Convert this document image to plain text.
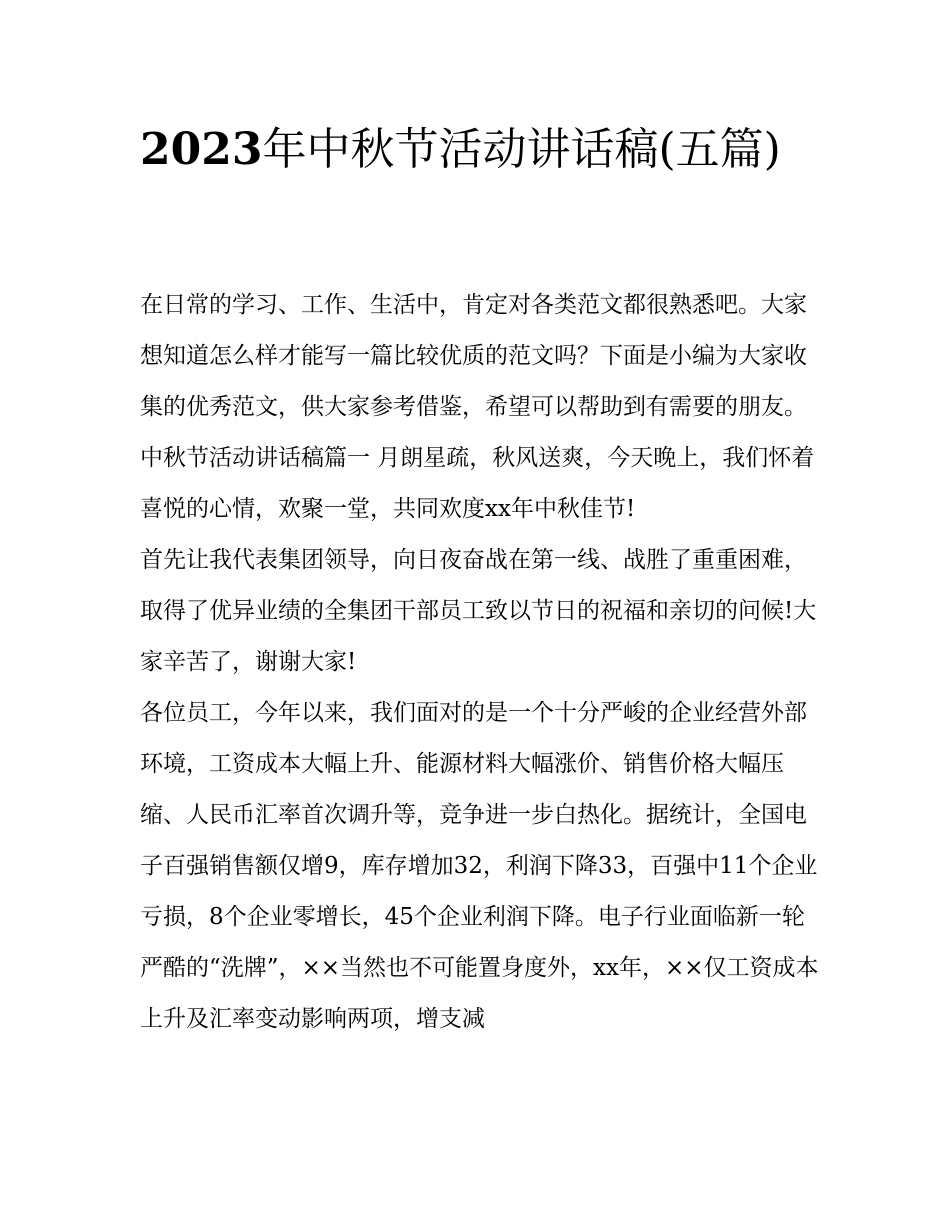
2023年中秋节活动讲话稿(五篇)

在日常的学习、工作、生活中，肯定对各类范文都很熟悉吧。大家想知道怎么样才能写一篇比较优质的范文吗？下面是小编为大家收集的优秀范文，供大家参考借鉴，希望可以帮助到有需要的朋友。

中秋节活动讲话稿篇一 月朗星疏，秋风送爽，今天晚上，我们怀着喜悦的心情，欢聚一堂，共同欢度xx年中秋佳节!

首先让我代表集团领导，向日夜奋战在第一线、战胜了重重困难，取得了优异业绩的全集团干部员工致以节日的祝福和亲切的问候!大家辛苦了，谢谢大家!

各位员工，今年以来，我们面对的是一个十分严峻的企业经营外部环境，工资成本大幅上升、能源材料大幅涨价、销售价格大幅压缩、人民币汇率首次调升等，竞争进一步白热化。据统计，全国电子百强销售额仅增9，库存增加32，利润下降33，百强中11个企业亏损，8个企业零增长，45个企业利润下降。电子行业面临新一轮严酷的“洗牌”，××当然也不可能置身度外，xx年，××仅工资成本上升及汇率变动影响两项，增支减
